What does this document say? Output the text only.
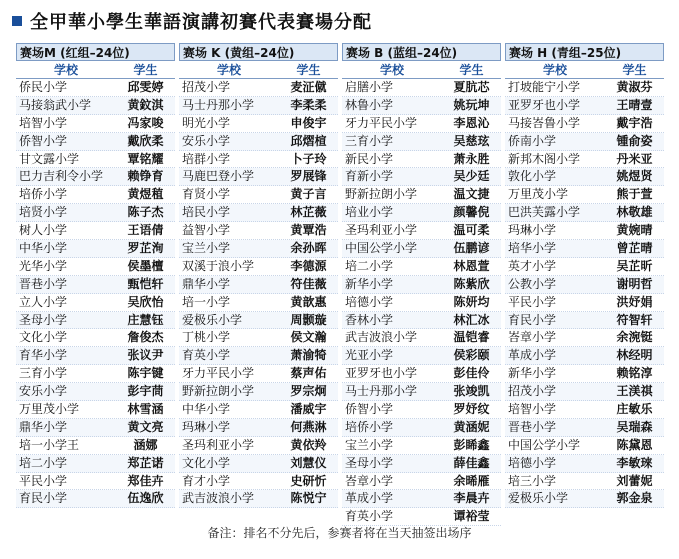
全甲華小學生華語演講初賽代表賽場分配
赛场M (红组–24位)
学校	学生
侨民小学	邱雯婷
马接翁武小学	黄鈫淇
培智小学	冯家唆
侨智小学	戴欣柔
甘文露小学	覃铭耀
巴力吉利令小学	赖铮育
培侨小学	黄煜稙
培贤小学	陈子杰
树人小学	王语倩
中华小学	罗芷洵
光华小学	侯墨檀
晋巷小学	甄恺轩
立人小学	吴欣怡
圣母小学	庄慧钰
文化小学	詹俊杰
育华小学	张议尹
三育小学	陈宇键
安乐小学	彭宇茼
万里茂小学	林雪涵
鼎华小学	黄文亮
培一小学王	涵娜
培二小学	郑芷诺
平民小学	郑佳卉
育民小学	伍逸欣
赛场 K (黄组–24位)
学校	学生
招茂小学	麦泟僦
马士丹那小学	李柔柔
明光小学	申俊宇
安乐小学	邱熠楦
培群小学	卜子玲
马鹿巴登小学	罗展锋
育贤小学	黄子言
培民小学	林芷薇
益智小学	黄覃浩
宝兰小学	余孙晖
双溪于浪小学	李德源
鼎华小学	符佳薇
培一小学	黄歆惠
爱极乐小学	周颢璇
丁桃小学	侯文瀚
育英小学	萧渝犄
牙力平民小学	蔡声佑
野新拉朗小学	罗宗炯
中华小学	潘威宇
玛琳小学	何燕淋
圣玛利亚小学	黄依羚
文化小学	刘慧仪
育才小学	史研忻
武吉波浪小学	陈悦宁
赛场 B (蓝组–24位)
学校	学生
启膳小学	夏肮芯
林鲁小学	姚玩坤
牙力平民小学	李恩沁
三育小学	吴慈玹
新民小学	萧永胜
育新小学	吴少廷
野新拉朗小学	温文捷
培业小学	颜馨倪
圣玛利亚小学	温可柔
中国公学小学	伍鹏谚
培二小学	林恩萱
新华小学	陈紫欣
培德小学	陈妍均
香林小学	林汇冰
武吉波浪小学	温铠睿
光亚小学	侯彩颐
亚罗牙也小学	彭佳伶
马士丹那小学	张竣凯
侨智小学	罗妤纹
培侨小学	黄涵妮
宝兰小学	彭睎鑫
圣母小学	薛佳鑫
峇章小学	余晞雁
革成小学	李晨卉
育英小学	谭裕莹
赛场 H (青组–25位)
学校	学生
打坡能宁小学	黄淑芬
亚罗牙也小学	王晴壹
马接峇鲁小学	戴宇浩
侨南小学	锺俞姿
新邦木阁小学	丹米亚
敦化小学	姚煜贤
万里茂小学	熊于萱
巴洪芙露小学	林敬雄
玛琳小学	黄婉晴
培华小学	曾芷晴
英才小学	吴芷昕
公教小学	谢明哲
平民小学	洪妤娟
育民小学	符智轩
峇章小学	余涴铤
革成小学	林经明
新华小学	赖铭淳
招茂小学	王渼祺
培智小学	庄敏乐
晋巷小学	吴瑞森
中国公学小学	陈黛恩
培德小学	李敏琜
培三小学	刘蕾妮
爱极乐小学	郭金泉
备注：排名不分先后，参赛者将在当天抽签出场序
